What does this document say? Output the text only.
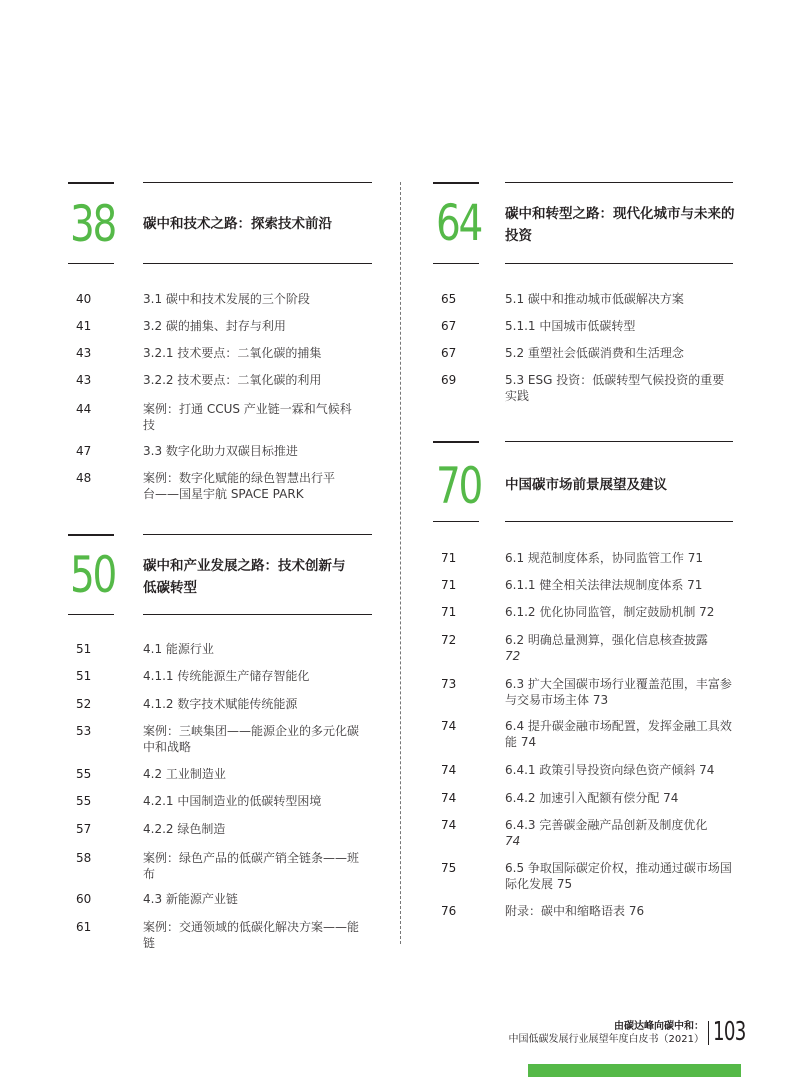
38 碳中和技术之路：探索技术前沿
40	3.1 碳中和技术发展的三个阶段
41	3.2 碳的捕集、封存与利用
43	3.2.1 技术要点：二氧化碳的捕集
43	3.2.2 技术要点：二氧化碳的利用
44	案例：打通 CCUS 产业链一霖和气候科
技
47	3.3 数字化助力双碳目标推进
48	案例：数字化赋能的绿色智慧出行平
台——国星宇航 SPACE PARK
50 碳中和产业发展之路：技术创新与
低碳转型
51	4.1 能源行业
51	4.1.1 传统能源生产储存智能化
52	4.1.2 数字技术赋能传统能源
53	案例：三峡集团——能源企业的多元化碳
中和战略
55	4.2 工业制造业
55	4.2.1 中国制造业的低碳转型困境
57	4.2.2 绿色制造
58	案例：绿色产品的低碳产销全链条——班
布
60	4.3 新能源产业链
61	案例：交通领域的低碳化解决方案——能
链
64 碳中和转型之路：现代化城市与未来的
投资
65	5.1 碳中和推动城市低碳解决方案
67	5.1.1 中国城市低碳转型
67	5.2 重塑社会低碳消费和生活理念
69	5.3 ESG 投资：低碳转型气候投资的重要
实践
70 中国碳市场前景展望及建议
71	6.1 规范制度体系，协同监管工作 71
71	6.1.1 健全相关法律法规制度体系 71
71	6.1.2 优化协同监管，制定鼓励机制 72
72	6.2 明确总量测算，强化信息核查披露
72
73	6.3 扩大全国碳市场行业覆盖范围，丰富参
与交易市场主体 73
74	6.4 提升碳金融市场配置，发挥金融工具效
能 74
74	6.4.1 政策引导投资向绿色资产倾斜 74
74	6.4.2 加速引入配额有偿分配 74
74	6.4.3 完善碳金融产品创新及制度优化
74
75	6.5 争取国际碳定价权，推动通过碳市场国
际化发展 75
76	附录：碳中和缩略语表 76
由碳达峰向碳中和：
中国低碳发展行业展望年度白皮书（2021） 103
